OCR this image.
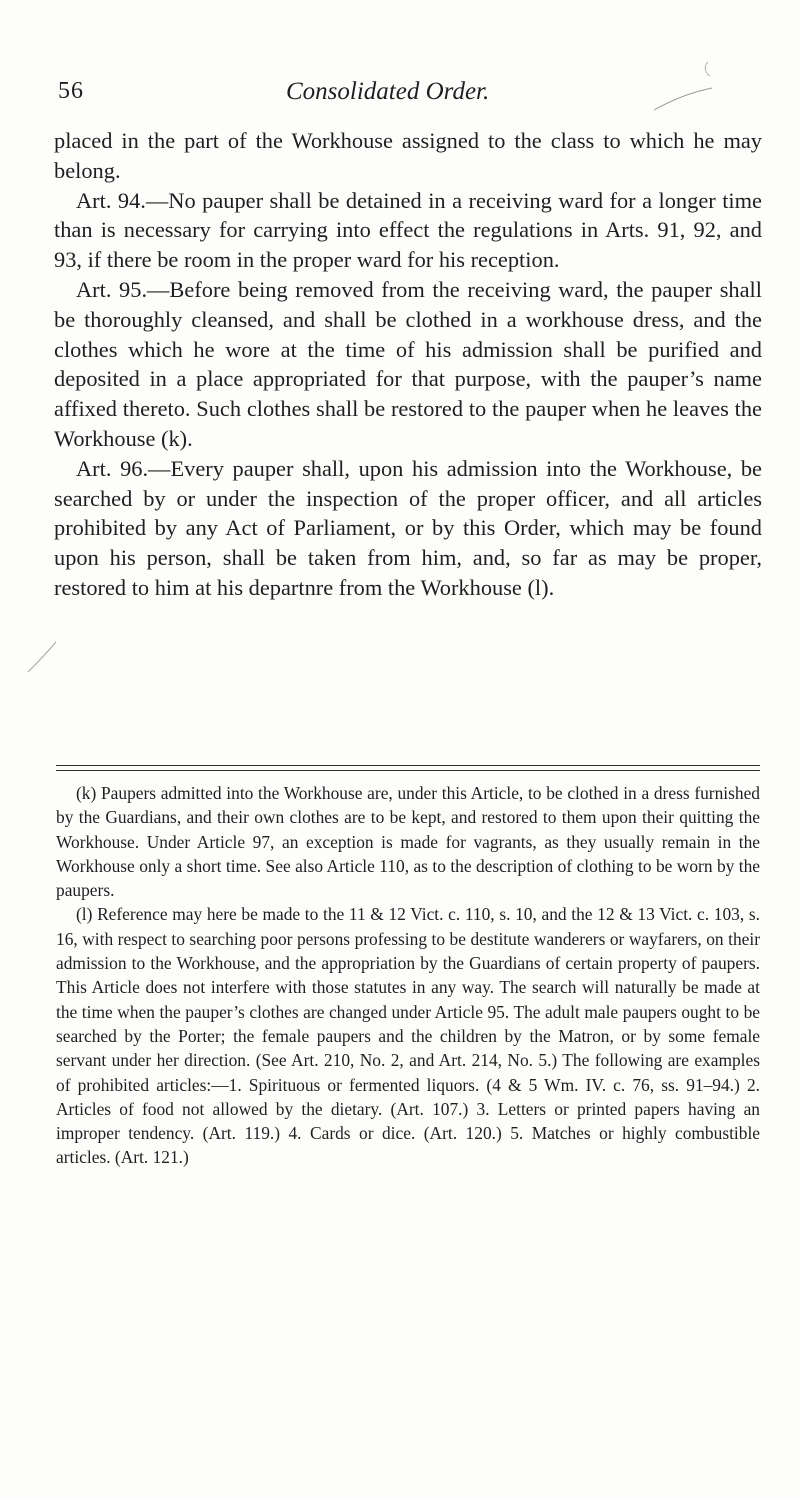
56	Consolidated Order.

placed in the part of the Workhouse assigned to the class to which he may belong.

Art. 94.—No pauper shall be detained in a receiving ward for a longer time than is necessary for carrying into effect the regulations in Arts. 91, 92, and 93, if there be room in the proper ward for his reception.

Art. 95.—Before being removed from the receiving ward, the pauper shall be thoroughly cleansed, and shall be clothed in a workhouse dress, and the clothes which he wore at the time of his admission shall be purified and deposited in a place appropriated for that purpose, with the pauper’s name affixed thereto. Such clothes shall be restored to the pauper when he leaves the Workhouse (k).

Art. 96.—Every pauper shall, upon his admission into the Workhouse, be searched by or under the inspection of the proper officer, and all articles prohibited by any Act of Parliament, or by this Order, which may be found upon his person, shall be taken from him, and, so far as may be proper, restored to him at his departnre from the Workhouse (l).

(k) Paupers admitted into the Workhouse are, under this Article, to be clothed in a dress furnished by the Guardians, and their own clothes are to be kept, and restored to them upon their quitting the Workhouse. Under Article 97, an exception is made for vagrants, as they usually remain in the Workhouse only a short time. See also Article 110, as to the description of clothing to be worn by the paupers.

(l) Reference may here be made to the 11 & 12 Vict. c. 110, s. 10, and the 12 & 13 Vict. c. 103, s. 16, with respect to searching poor persons professing to be destitute wanderers or wayfarers, on their admission to the Workhouse, and the appropriation by the Guardians of certain property of paupers. This Article does not interfere with those statutes in any way. The search will naturally be made at the time when the pauper’s clothes are changed under Article 95. The adult male paupers ought to be searched by the Porter; the female paupers and the children by the Matron, or by some female servant under her direction. (See Art. 210, No. 2, and Art. 214, No. 5.) The following are examples of prohibited articles:—1. Spirituous or fermented liquors. (4 & 5 Wm. IV. c. 76, ss. 91–94.) 2. Articles of food not allowed by the dietary. (Art. 107.) 3. Letters or printed papers having an improper tendency. (Art. 119.) 4. Cards or dice. (Art. 120.) 5. Matches or highly combustible articles. (Art. 121.)
